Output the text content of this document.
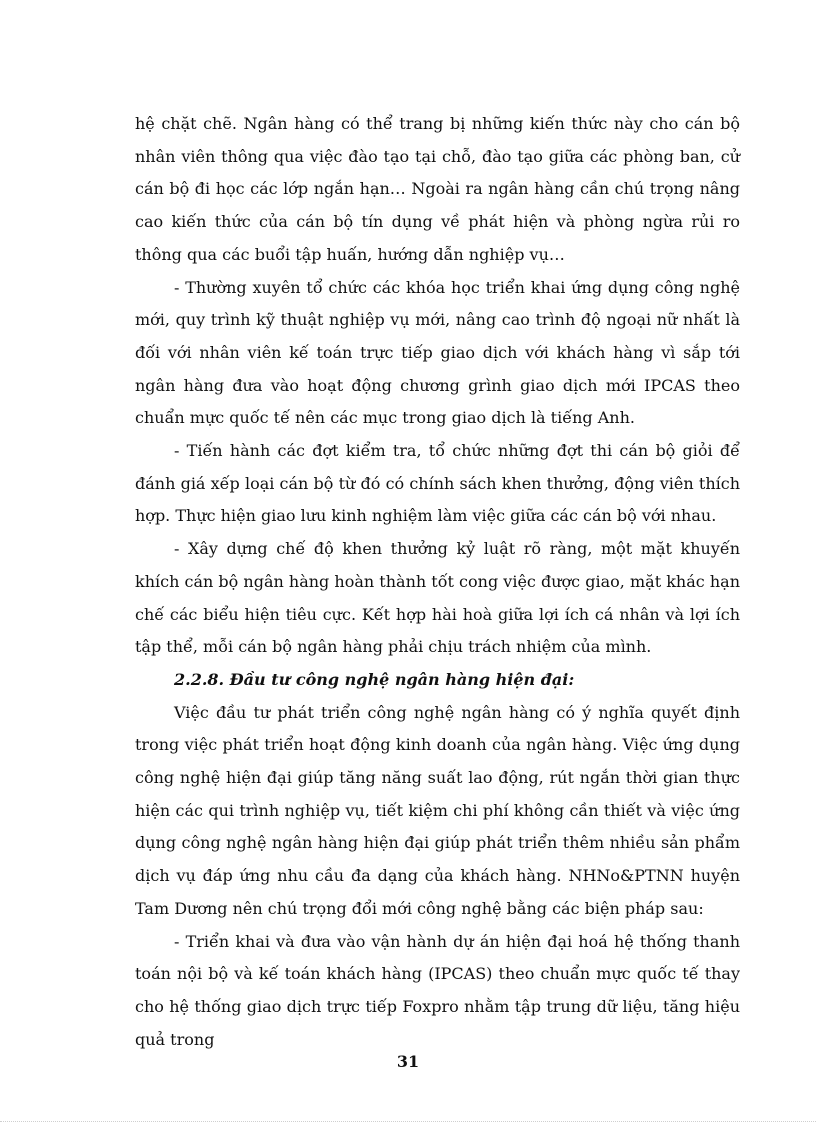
hệ chặt chẽ. Ngân hàng có thể trang bị những kiến thức này cho cán bộ nhân viên thông qua việc đào tạo tại chỗ, đào tạo giữa các phòng ban, cử cán bộ đi học các lớp ngắn hạn… Ngoài ra ngân hàng cần chú trọng nâng cao kiến thức của cán bộ tín dụng về phát hiện và phòng ngừa rủi ro thông qua các buổi tập huấn, hướng dẫn nghiệp vụ…

- Thường xuyên tổ chức các khóa học triển khai ứng dụng công nghệ mới, quy trình kỹ thuật nghiệp vụ mới, nâng cao trình độ ngoại nữ nhất là đối với nhân viên kế toán trực tiếp giao dịch với khách hàng vì sắp tới ngân hàng đưa vào hoạt động chương grình giao dịch mới IPCAS theo chuẩn mực quốc tế nên các mục trong giao dịch là tiếng Anh.

- Tiến hành các đợt kiểm tra, tổ chức những đợt thi cán bộ giỏi để đánh giá xếp loại cán bộ từ đó có chính sách khen thưởng, động viên thích hợp. Thực hiện giao lưu kinh nghiệm làm việc giữa các cán bộ với nhau.

- Xây dựng chế độ khen thưởng kỷ luật rõ ràng, một mặt khuyến khích cán bộ ngân hàng hoàn thành tốt cong việc được giao, mặt khác hạn chế các biểu hiện tiêu cực. Kết hợp hài hoà giữa lợi ích cá nhân và lợi ích tập thể, mỗi cán bộ ngân hàng phải chịu trách nhiệm của mình.

2.2.8. Đầu tư công nghệ ngân hàng hiện đại:

Việc đầu tư phát triển công nghệ ngân hàng có ý nghĩa quyết định trong việc phát triển hoạt động kinh doanh của ngân hàng. Việc ứng dụng công nghệ hiện đại giúp tăng năng suất lao động, rút ngắn thời gian thực hiện các qui trình nghiệp vụ, tiết kiệm chi phí không cần thiết và việc ứng dụng công nghệ ngân hàng hiện đại giúp phát triển thêm nhiều sản phẩm dịch vụ đáp ứng nhu cầu đa dạng của khách hàng. NHNo&PTNN huyện Tam Dương nên chú trọng đổi mới công nghệ bằng các biện pháp sau:

- Triển khai và đưa vào vận hành dự án hiện đại hoá hệ thống thanh toán nội bộ và kế toán khách hàng (IPCAS) theo chuẩn mực quốc tế thay cho hệ thống giao dịch trực tiếp Foxpro nhằm tập trung dữ liệu, tăng hiệu quả trong

31
